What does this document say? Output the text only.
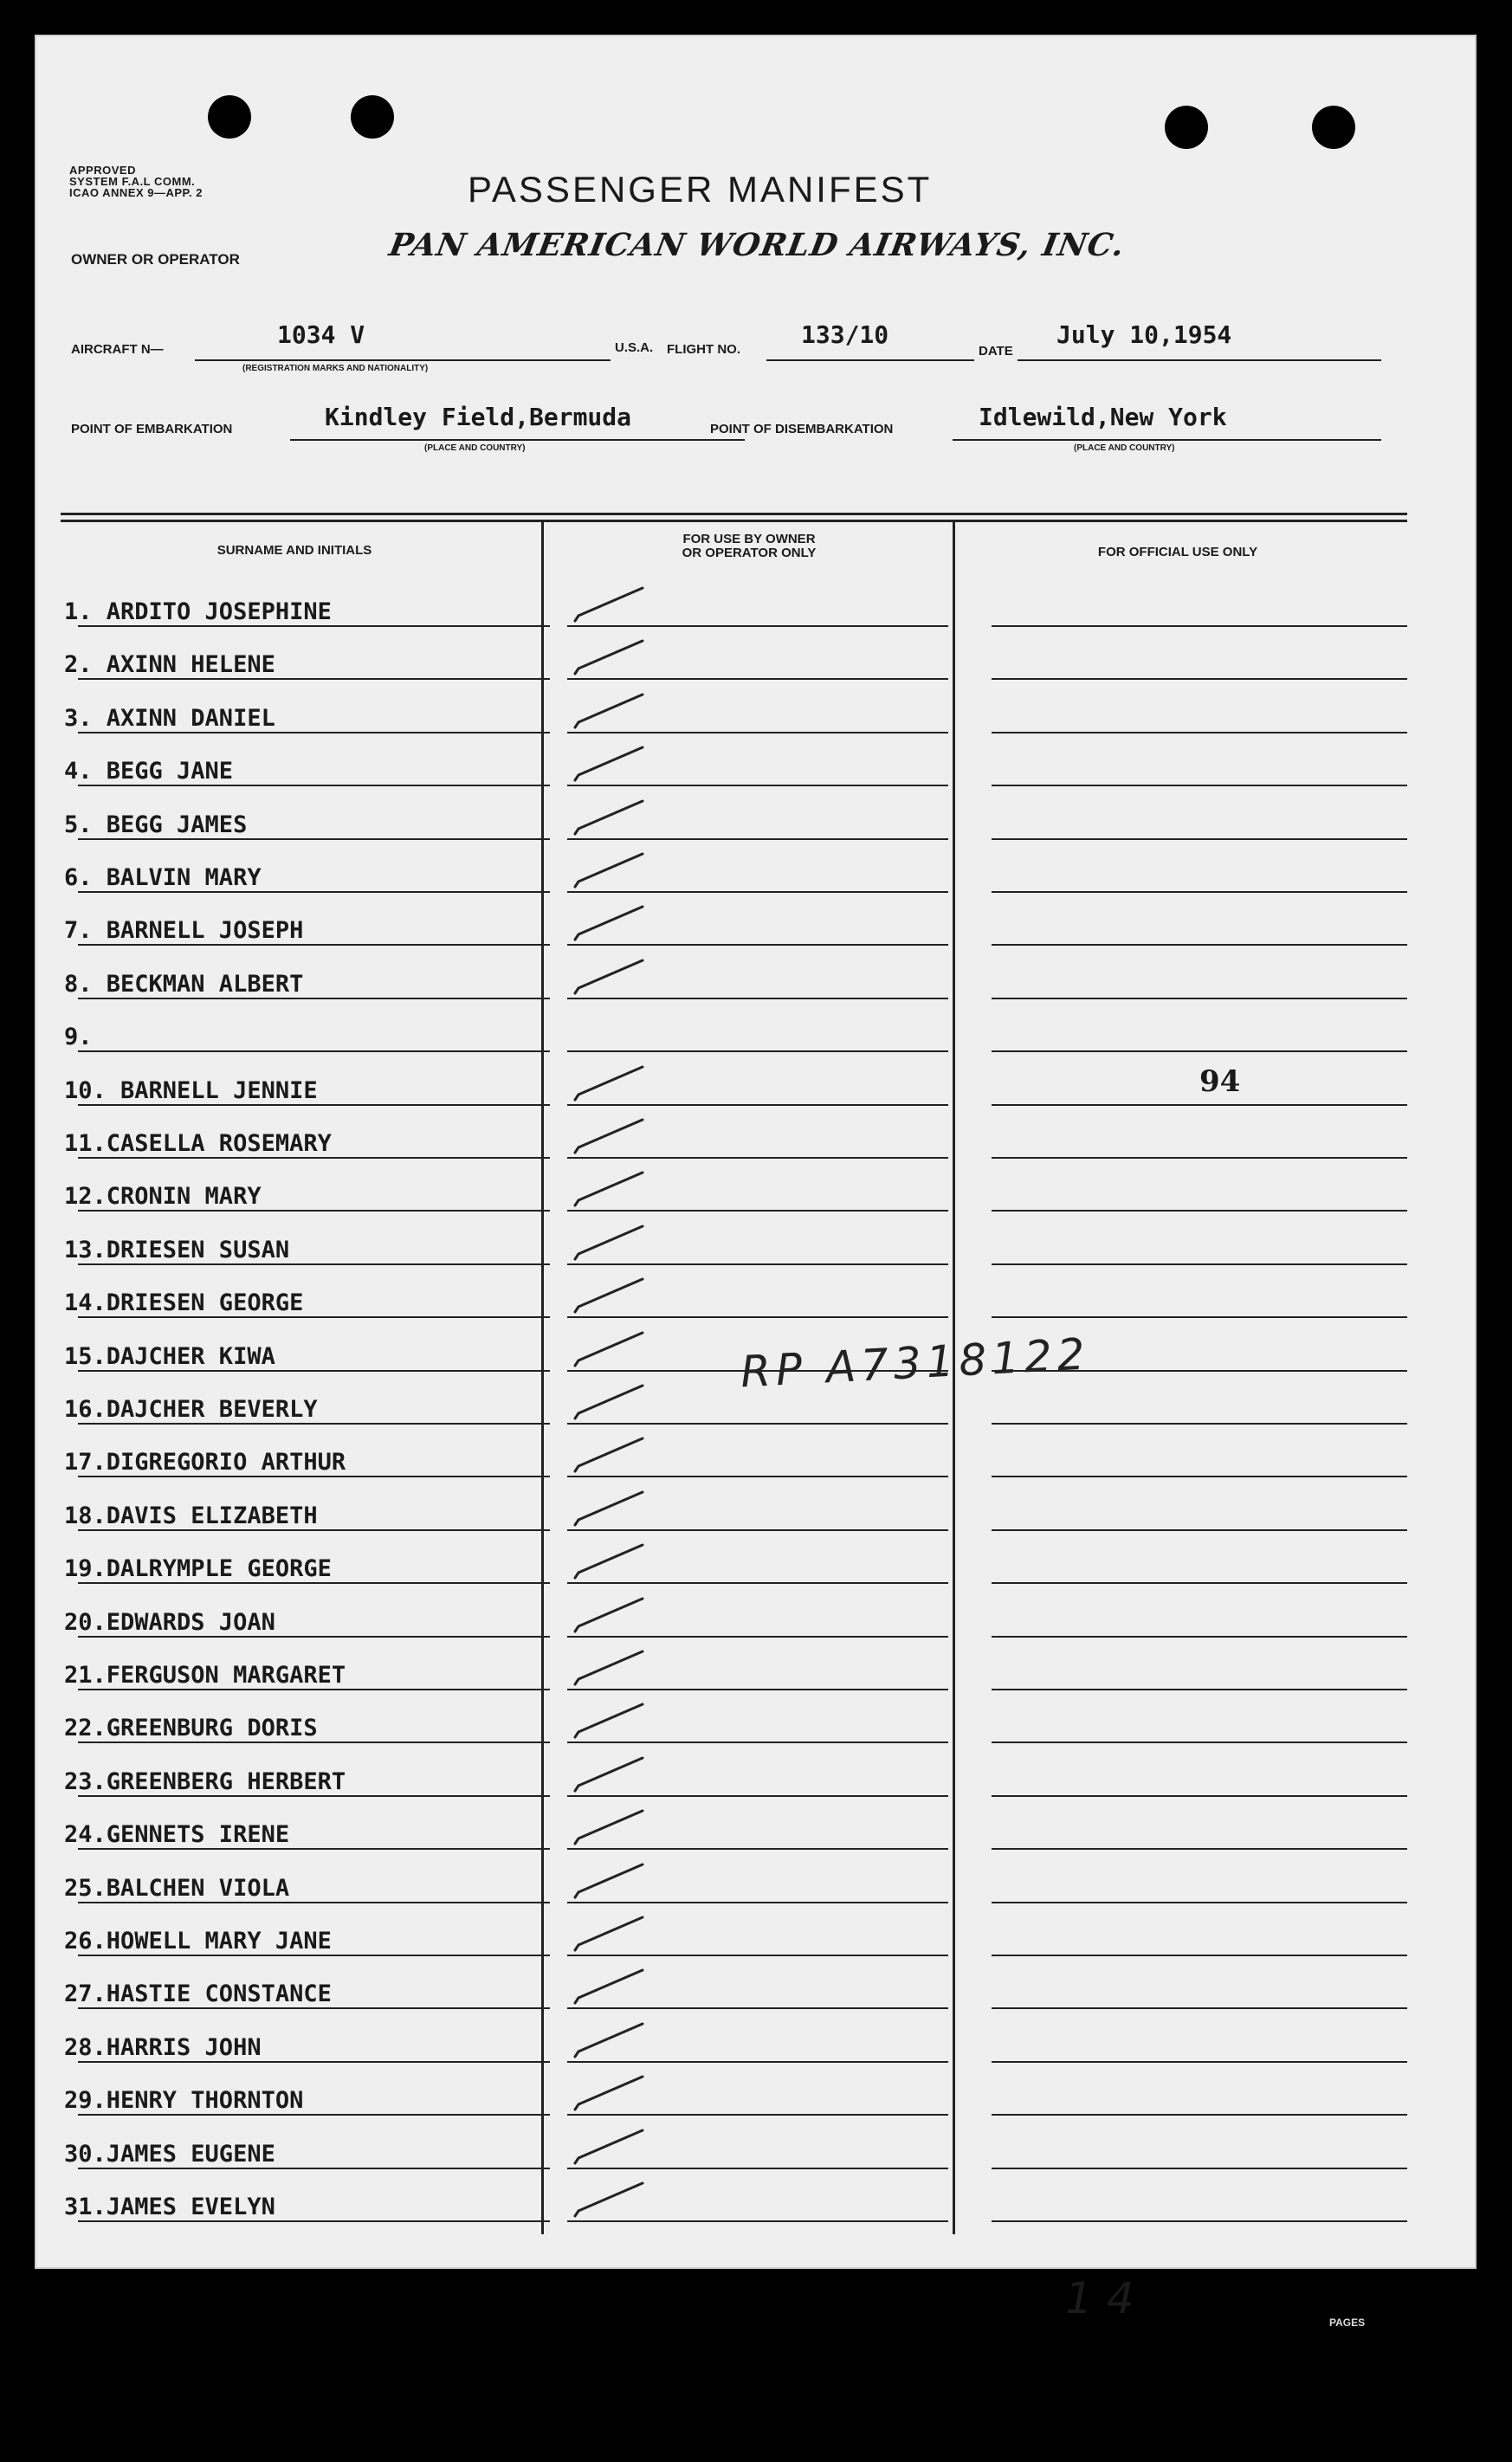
APPROVED
SYSTEM F.A.L COMM.
ICAO ANNEX 9—APP. 2	PASSENGER MANIFEST
OWNER OR OPERATOR	PAN AMERICAN WORLD AIRWAYS, INC.
AIRCRAFT N—
1034 V
(REGISTRATION MARKS AND NATIONALITY)
U.S.A. FLIGHT NO.
133/10
DATE
July 10,1954
POINT OF EMBARKATION	Kindley Field,Bermuda
(PLACE AND COUNTRY)
POINT OF DISEMBARKATION	Idlewild,New York
(PLACE AND COUNTRY)
SURNAME AND INITIALS
FOR USE BY OWNER
OR OPERATOR ONLY	FOR OFFICIAL USE ONLY
1. ARDITO JOSEPHINE
2. AXINN HELENE
3. AXINN DANIEL
4. BEGG JANE
5. BEGG JAMES
6. BALVIN MARY
7. BARNELL JOSEPH
8. BECKMAN ALBERT
9.
10. BARNELL JENNIE	94
11.CASELLA ROSEMARY
12.CRONIN MARY
13.DRIESEN SUSAN
14.DRIESEN GEORGE
15.DAJCHER KIWA
16.DAJCHER BEVERLY
17.DIGREGORIO ARTHUR
18.DAVIS ELIZABETH
19.DALRYMPLE GEORGE
20.EDWARDS JOAN
21.FERGUSON MARGARET
22.GREENBURG DORIS
23.GREENBERG HERBERT
24.GENNETS IRENE
25.BALCHEN VIOLA
26.HOWELL MARY JANE
27.HASTIE CONSTANCE
28.HARRIS JOHN
29.HENRY THORNTON
30.JAMES EUGENE
31.JAMES EVELYN
RP A7318122
1 4	PAGES
